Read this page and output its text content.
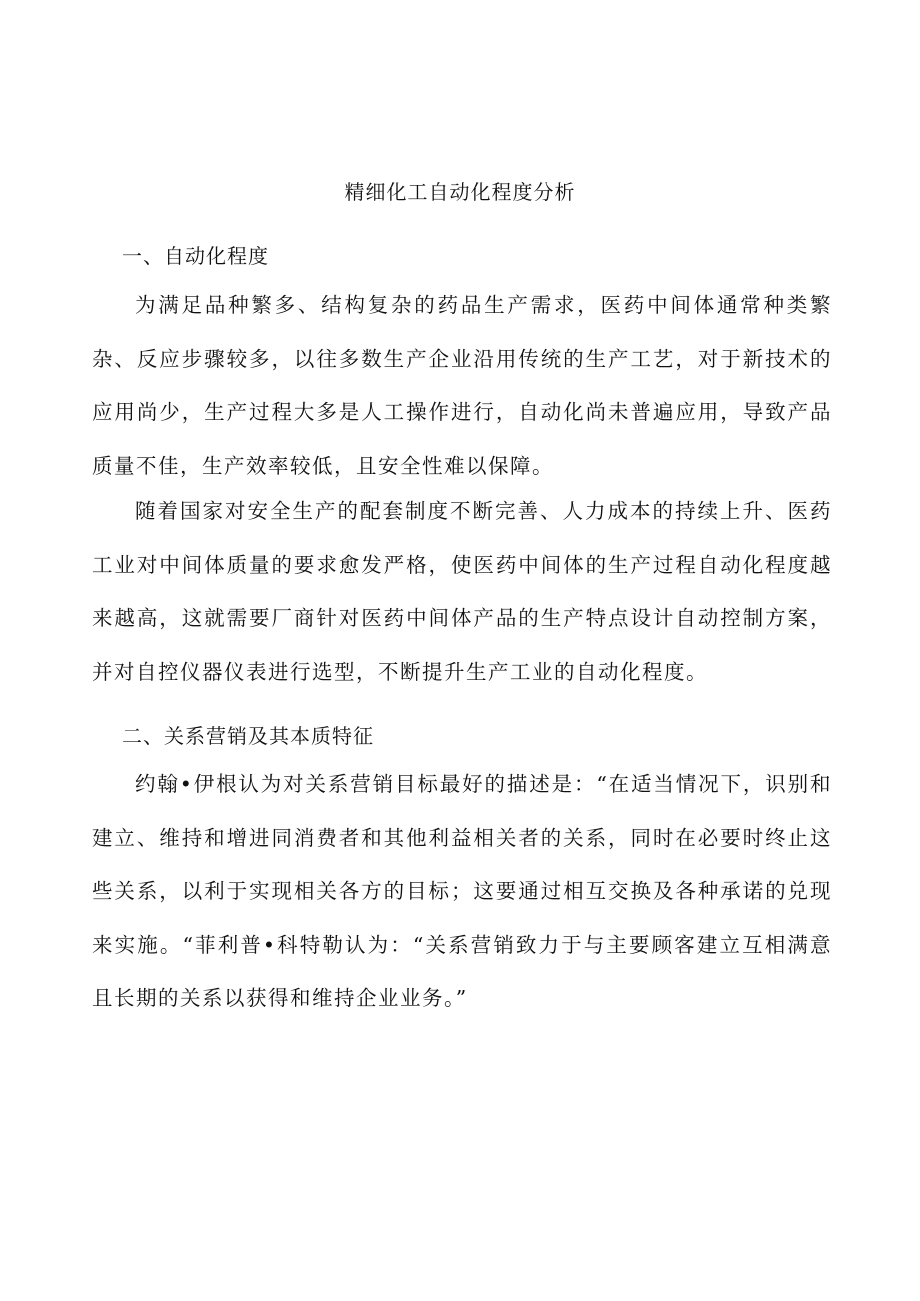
精细化工自动化程度分析
一、自动化程度

为满足品种繁多、结构复杂的药品生产需求，医药中间体通常种类繁杂、反应步骤较多，以往多数生产企业沿用传统的生产工艺，对于新技术的应用尚少，生产过程大多是人工操作进行，自动化尚未普遍应用，导致产品质量不佳，生产效率较低，且安全性难以保障。

随着国家对安全生产的配套制度不断完善、人力成本的持续上升、医药工业对中间体质量的要求愈发严格，使医药中间体的生产过程自动化程度越来越高，这就需要厂商针对医药中间体产品的生产特点设计自动控制方案，并对自控仪器仪表进行选型，不断提升生产工业的自动化程度。

二、关系营销及其本质特征

约翰•伊根认为对关系营销目标最好的描述是：“在适当情况下，识别和建立、维持和增进同消费者和其他利益相关者的关系，同时在必要时终止这些关系，以利于实现相关各方的目标；这要通过相互交换及各种承诺的兑现来实施。“菲利普•科特勒认为：“关系营销致力于与主要顾客建立互相满意且长期的关系以获得和维持企业业务。”
